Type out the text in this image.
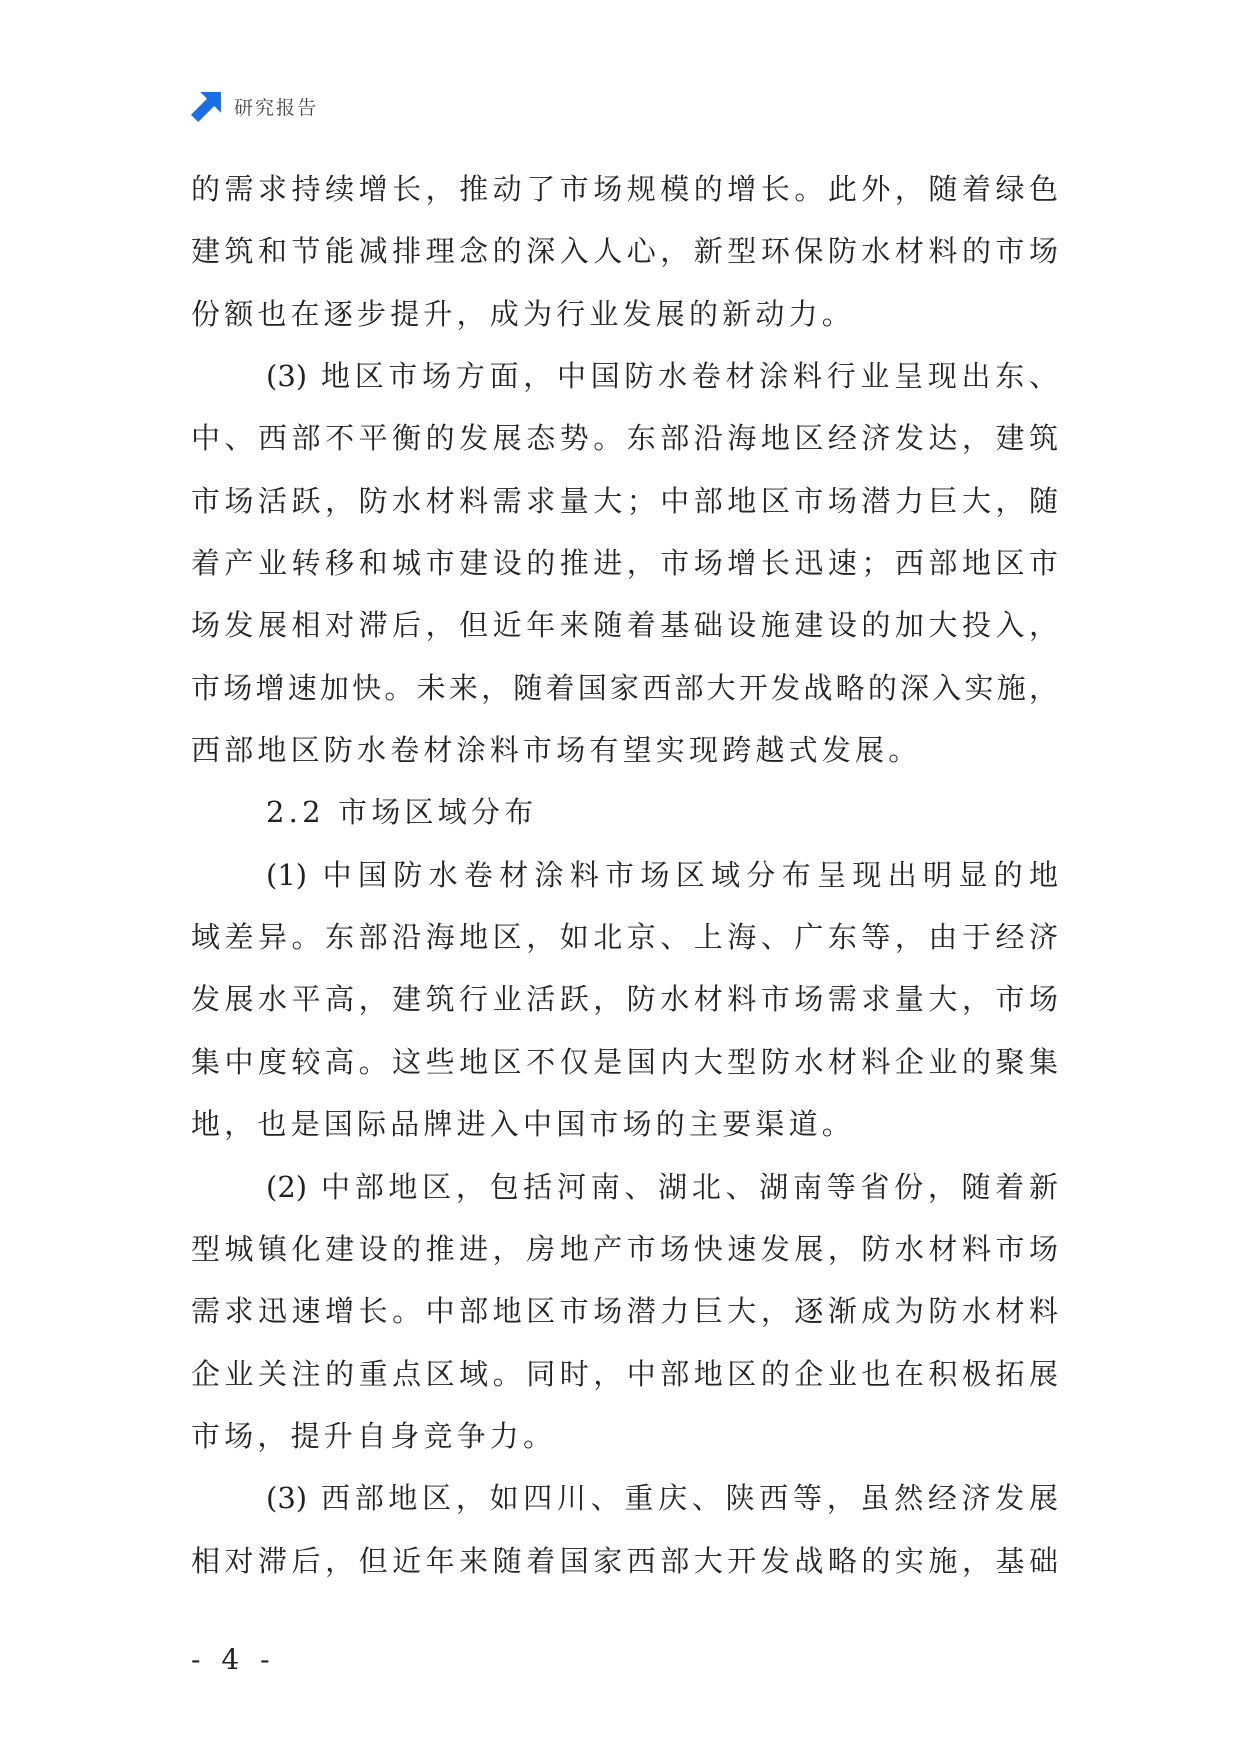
研究报告
的需求持续增长，推动了市场规模的增长。此外，随着绿色
建筑和节能减排理念的深入人心，新型环保防水材料的市场
份额也在逐步提升，成为行业发展的新动力。
(3) 地区市场方面，中国防水卷材涂料行业呈现出东、
中、西部不平衡的发展态势。东部沿海地区经济发达，建筑
市场活跃，防水材料需求量大；中部地区市场潜力巨大，随
着产业转移和城市建设的推进，市场增长迅速；西部地区市
场发展相对滞后，但近年来随着基础设施建设的加大投入，
市场增速加快。未来，随着国家西部大开发战略的深入实施，
西部地区防水卷材涂料市场有望实现跨越式发展。
2.2 市场区域分布
(1) 中国防水卷材涂料市场区域分布呈现出明显的地
域差异。东部沿海地区，如北京、上海、广东等，由于经济
发展水平高，建筑行业活跃，防水材料市场需求量大，市场
集中度较高。这些地区不仅是国内大型防水材料企业的聚集
地，也是国际品牌进入中国市场的主要渠道。
(2) 中部地区，包括河南、湖北、湖南等省份，随着新
型城镇化建设的推进，房地产市场快速发展，防水材料市场
需求迅速增长。中部地区市场潜力巨大，逐渐成为防水材料
企业关注的重点区域。同时，中部地区的企业也在积极拓展
市场，提升自身竞争力。
(3) 西部地区，如四川、重庆、陕西等，虽然经济发展
相对滞后，但近年来随着国家西部大开发战略的实施，基础
- 4 -
